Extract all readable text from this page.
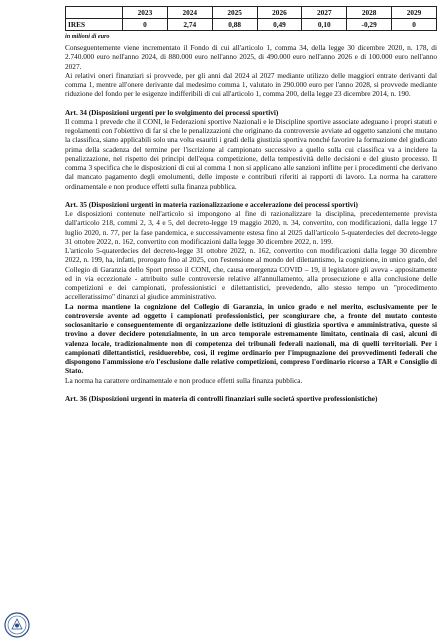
	2023	2024	2025	2026	2027	2028	2029
IRES	0	2,74	0,88	0,49	0,10	-0,29	0
in milioni di euro

Conseguentemente viene incrementato il Fondo di cui all'articolo 1, comma 34, della legge 30 dicembre 2020, n. 178, di 2.740.000 euro nell'anno 2024, di 880.000 euro nell'anno 2025, di 490.000 euro nell'anno 2026 e di 100.000 euro nell'anno 2027.

Ai relativi oneri finanziari si provvede, per gli anni dal 2024 al 2027 mediante utilizzo delle maggiori entrate derivanti dal comma 1, mentre all'onere derivante dal medesimo comma 1, valutato in 290.000 euro per l'anno 2028, si provvede mediante riduzione del fondo per le esigenze indifferibili di cui all'articolo 1, comma 200, della legge 23 dicembre 2014, n. 190.

Art. 34 (Disposizioni urgenti per lo svolgimento dei processi sportivi)

Il comma 1 prevede che il CONI, le Federazioni sportive Nazionali e le Discipline sportive associate adeguano i propri statuti e regolamenti con l'obiettivo di far sì che le penalizzazioni che originano da controversie avviate ad oggetto sanzioni che mutano la classifica, siano applicabili solo una volta esauriti i gradi della giustizia sportiva nonché favorire la formazione del giudicato prima della scadenza del termine per l'iscrizione al campionato successivo a quello sulla cui classifica va a incidere la penalizzazione, nel rispetto dei principi dell'equa competizione, della tempestività delle decisioni e del giusto processo. Il comma 3 specifica che le disposizioni di cui al comma 1 non si applicano alle sanzioni inflitte per i procedimenti che derivano dal mancato pagamento degli emolumenti, delle imposte e contributi riferiti ai rapporti di lavoro. La norma ha carattere ordinamentale e non produce effetti sulla finanza pubblica.

Art. 35 (Disposizioni urgenti in materia razionalizzazione e accelerazione dei processi sportivi)

Le disposizioni contenute nell'articolo si impongono al fine di razionalizzare la disciplina, precedentemente prevista dall'articolo 218, commi 2, 3, 4 e 5, del decreto-legge 19 maggio 2020, n. 34, convertito, con modificazioni, dalla legge 17 luglio 2020, n. 77, per la fase pandemica, e successivamente estesa fino al 2025 dall'articolo 5-quaterdecies del decreto-legge 31 ottobre 2022, n. 162, convertito con modificazioni dalla legge 30 dicembre 2022, n. 199.

L'articolo 5-quaterdecies del decreto-legge 31 ottobre 2022, n. 162, convertito con modificazioni dalla legge 30 dicembre 2022, n. 199, ha, infatti, prorogato fino al 2025, con l'estensione al mondo del dilettantismo, la cognizione, in unico grado, del Collegio di Garanzia dello Sport presso il CONI, che, causa emergenza COVID – 19, il legislatore gli aveva - appositamente ed in via eccezionale - attribuito sulle controversie relative all'annullamento, alla prosecuzione e alla conclusione delle competizioni e dei campionati, professionistici e dilettantistici, prevedendo, allo stesso tempo un "procedimento accelleratissimo" dinanzi al giudice amministrativo.

La norma mantiene la cognizione del Collegio di Garanzia, in unico grado e nel merito, esclusivamente per le controversie avente ad oggetto i campionati professionistici, per scongiurare che, a fronte del mutato contesto sociosanitario e conseguentemente di organizzazione delle istituzioni di giustizia sportiva e amministrativa, queste si trovino a dover decidere potenzialmente, in un arco temporale estremamente limitato, centinaia di casi, alcuni di valenza locale, tradizionalmente non di competenza dei tribunali federali nazionali, ma di quelli territoriali. Per i campionati dilettantistici, residuerebbe, così, il regime ordinario per l'impugnazione dei provvedimenti federali che dispongono l'ammissione e/o l'esclusione dalle relative competizioni, compreso l'ordinario ricorso a TAR e Consiglio di Stato.

La norma ha carattere ordinamentale e non produce effetti sulla finanza pubblica.

Art. 36 (Disposizioni urgenti in materia di controlli finanziari sulle società sportive professionistiche)
